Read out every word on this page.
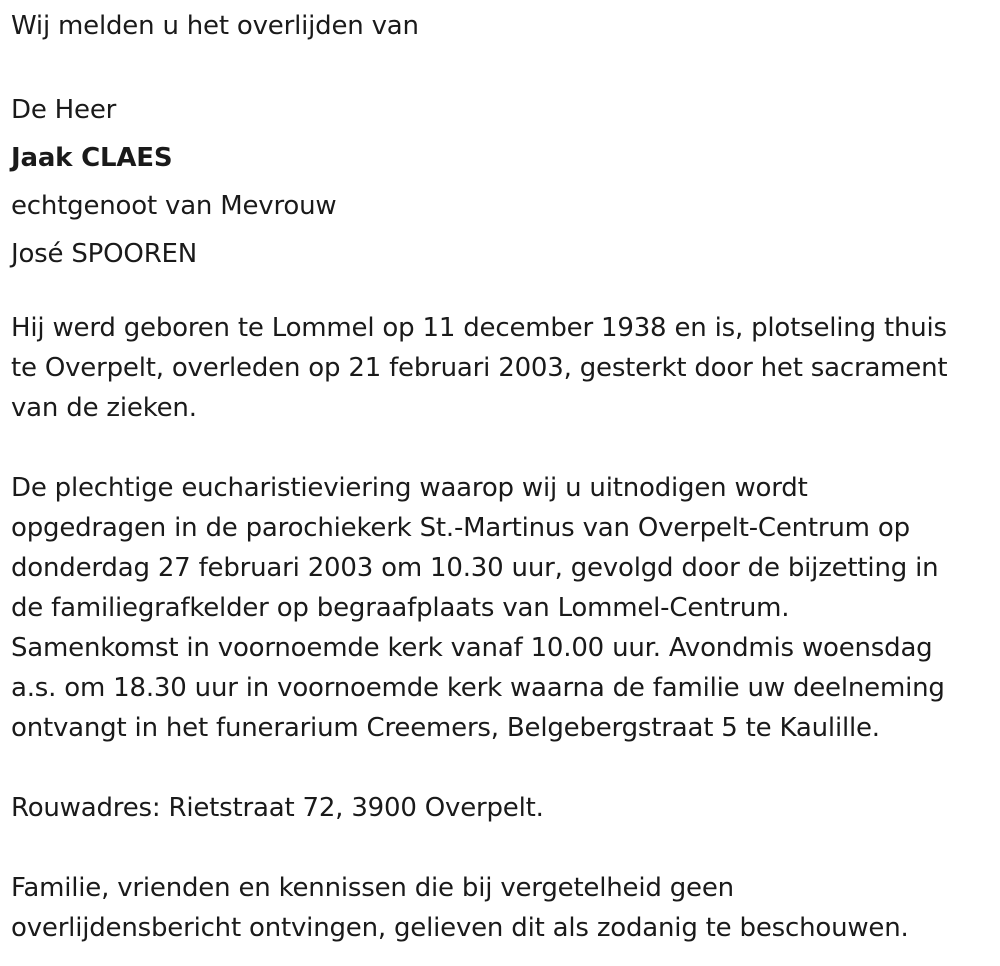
Wij melden u het overlijden van
De Heer
Jaak CLAES
echtgenoot van Mevrouw
José SPOOREN
Hij werd geboren te Lommel op 11 december 1938 en is, plotseling thuis
te Overpelt, overleden op 21 februari 2003, gesterkt door het sacrament
van de zieken.
De plechtige eucharistieviering waarop wij u uitnodigen wordt
opgedragen in de parochiekerk St.-Martinus van Overpelt-Centrum op
donderdag 27 februari 2003 om 10.30 uur, gevolgd door de bijzetting in
de familiegrafkelder op begraafplaats van Lommel-Centrum.
Samenkomst in voornoemde kerk vanaf 10.00 uur. Avondmis woensdag
a.s. om 18.30 uur in voornoemde kerk waarna de familie uw deelneming
ontvangt in het funerarium Creemers, Belgebergstraat 5 te Kaulille.
Rouwadres: Rietstraat 72, 3900 Overpelt.
Familie, vrienden en kennissen die bij vergetelheid geen
overlijdensbericht ontvingen, gelieven dit als zodanig te beschouwen.
